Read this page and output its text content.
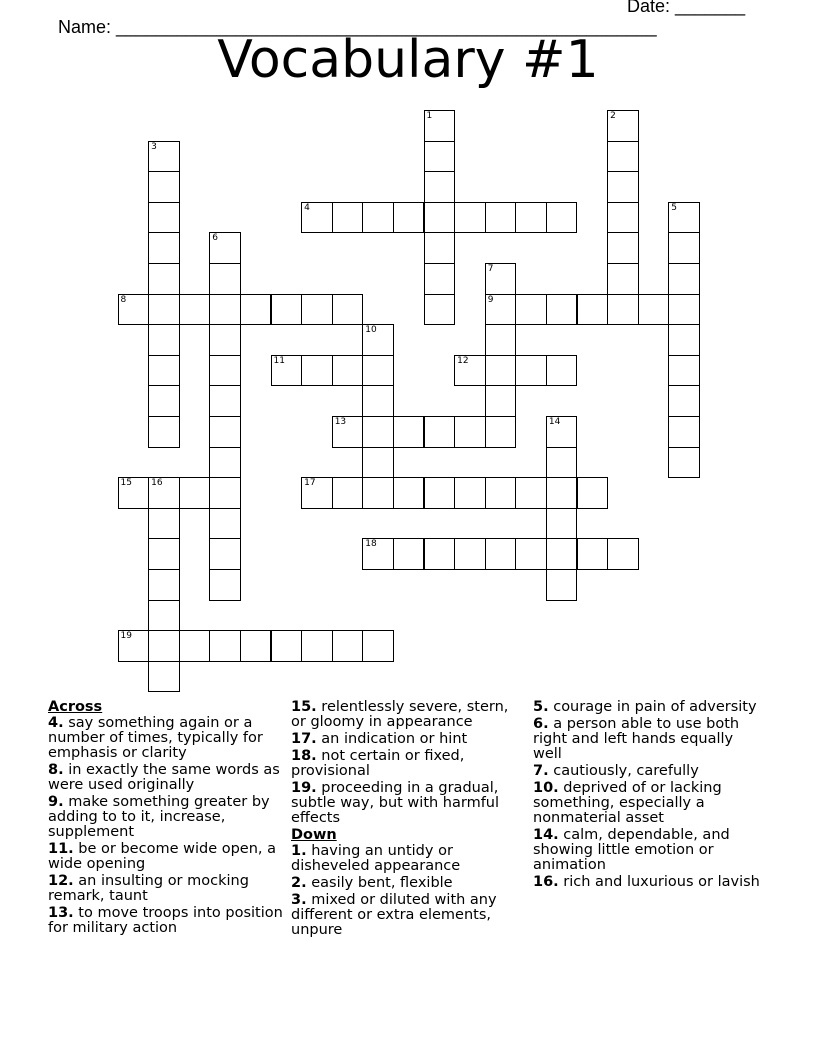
Name: ______________________________________________________

Date: _______

Vocabulary #1
1	2
3
4	5
6
7
9
8
10
11	12
13	14
15 16	17
18
19
Across
4. say something again or a number of times, typically for emphasis or clarity
8. in exactly the same words as were used originally
9. make something greater by adding to to it, increase, supplement
11. be or become wide open, a wide opening
12. an insulting or mocking remark, taunt
13. to move troops into position for military action
15. relentlessly severe, stern, or gloomy in appearance
17. an indication or hint
18. not certain or fixed, provisional
19. proceeding in a gradual, subtle way, but with harmful effects
Down
1. having an untidy or disheveled appearance
2. easily bent, flexible
3. mixed or diluted with any different or extra elements, unpure
5. courage in pain of adversity
6. a person able to use both right and left hands equally well
7. cautiously, carefully
10. deprived of or lacking something, especially a nonmaterial asset
14. calm, dependable, and showing little emotion or animation
16. rich and luxurious or lavish
